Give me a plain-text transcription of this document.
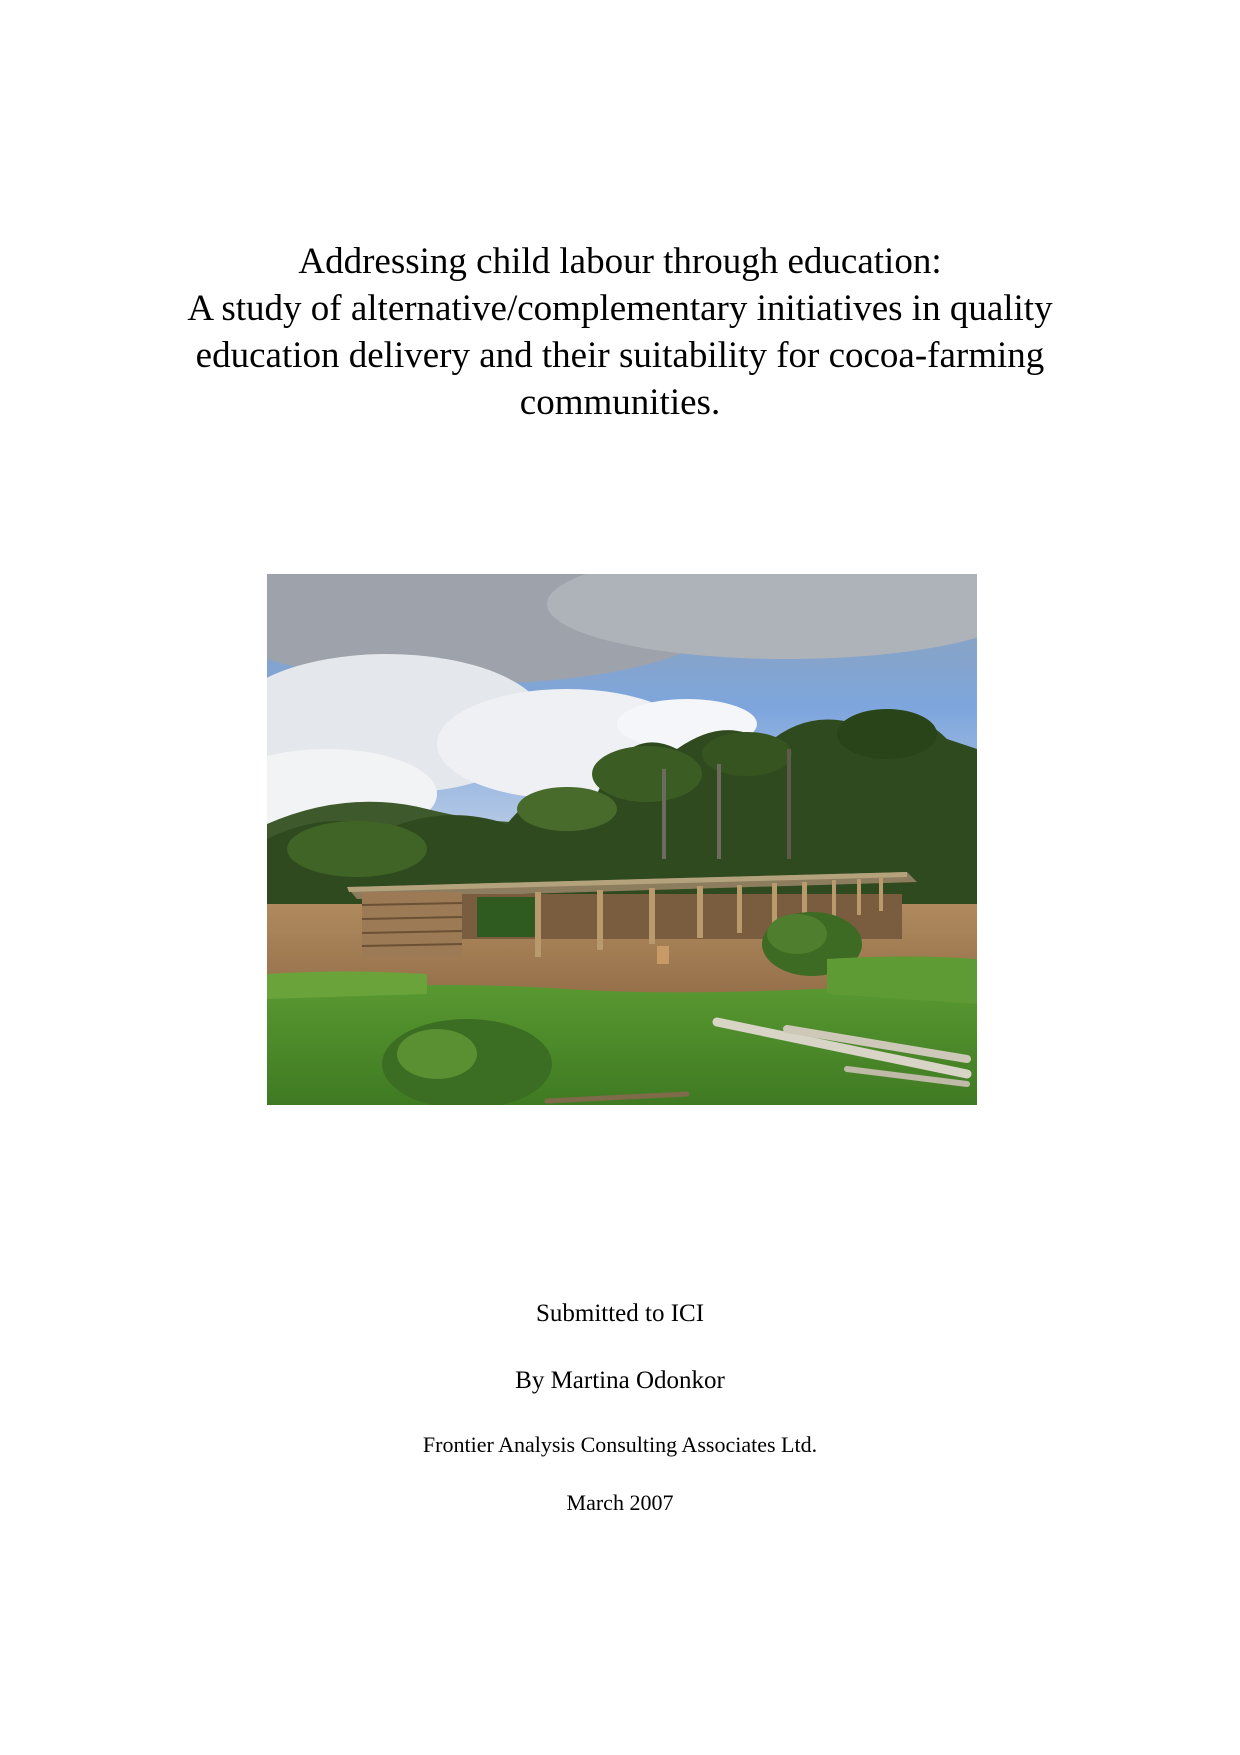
Addressing child labour through education:
A study of alternative/complementary initiatives in quality
education delivery and their suitability for cocoa-farming
communities.
Submitted to ICI
By Martina Odonkor
Frontier Analysis Consulting Associates Ltd.
March 2007
